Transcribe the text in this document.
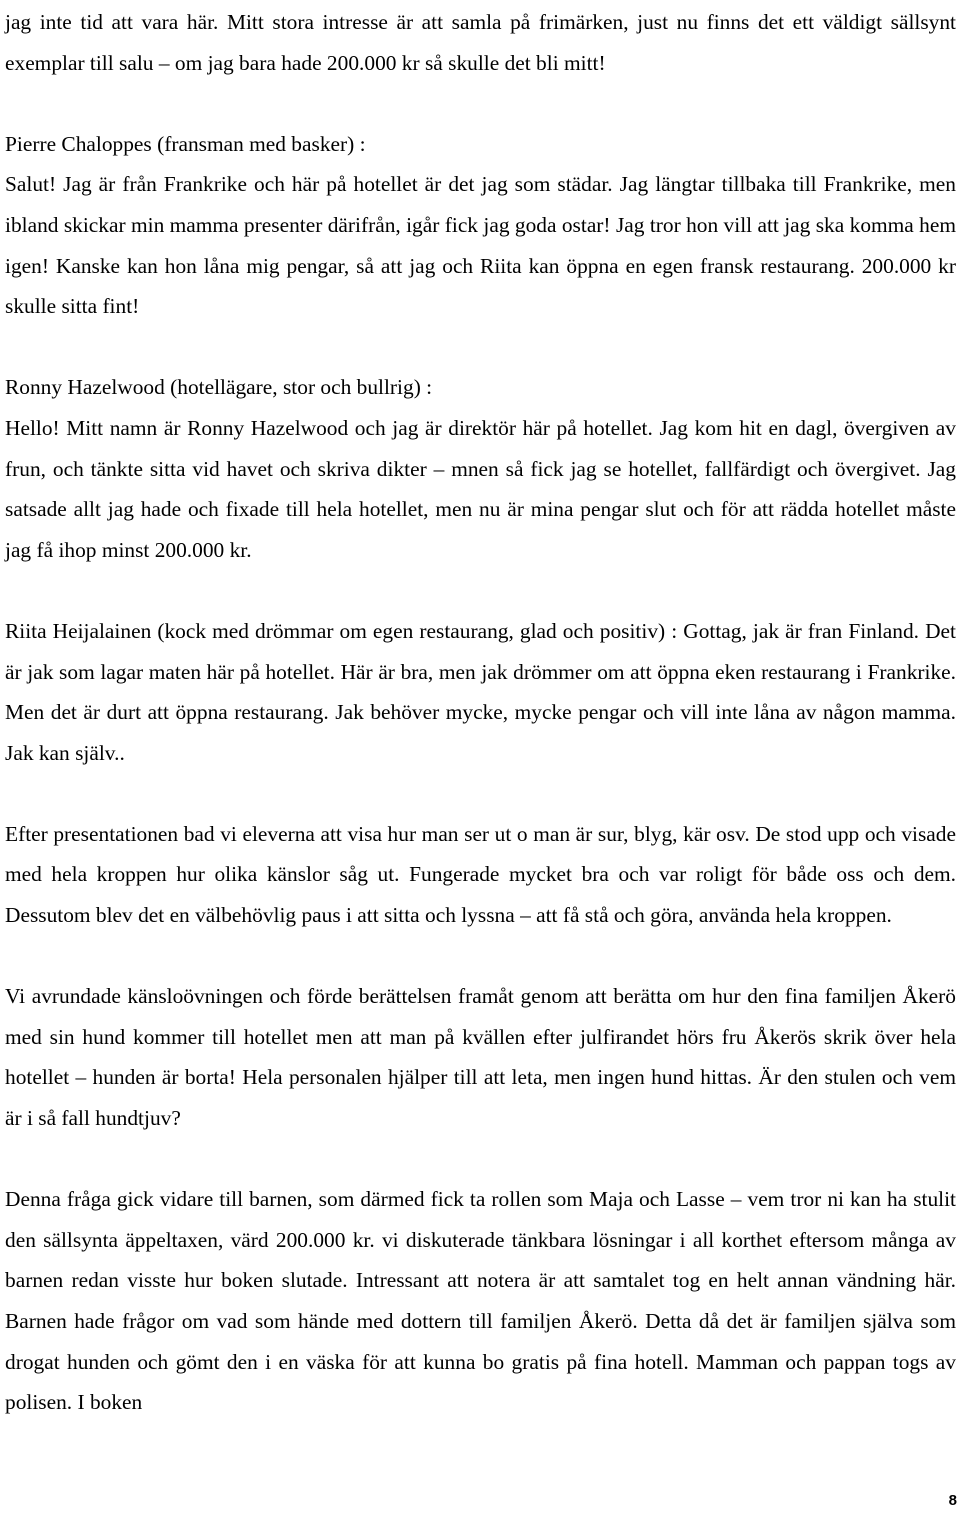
jag inte tid att vara här. Mitt stora intresse är att samla på frimärken, just nu finns det ett väldigt sällsynt exemplar till salu – om jag bara hade 200.000 kr så skulle det bli mitt!

Pierre Chaloppes (fransman med basker) :
Salut! Jag är från Frankrike och här på hotellet är det jag som städar. Jag längtar tillbaka till Frankrike, men ibland skickar min mamma presenter därifrån, igår fick jag goda ostar! Jag tror hon vill att jag ska komma hem igen! Kanske kan hon låna mig pengar, så att jag och Riita kan öppna en egen fransk restaurang. 200.000 kr skulle sitta fint!

Ronny Hazelwood (hotellägare, stor och bullrig) :
Hello! Mitt namn är Ronny Hazelwood och jag är direktör här på hotellet. Jag kom hit en dagl, övergiven av frun, och tänkte sitta vid havet och skriva dikter – mnen så fick jag se hotellet, fallfärdigt och övergivet. Jag satsade allt jag hade och fixade till hela hotellet, men nu är mina pengar slut och för att rädda hotellet måste jag få ihop minst 200.000 kr.

Riita Heijalainen (kock med drömmar om egen restaurang, glad och positiv) : Gottag, jak är fran Finland. Det är jak som lagar maten här på hotellet. Här är bra, men jak drömmer om att öppna eken restaurang i Frankrike. Men det är durt att öppna restaurang. Jak behöver mycke, mycke pengar och vill inte låna av någon mamma. Jak kan själv..

Efter presentationen bad vi eleverna att visa hur man ser ut o man är sur, blyg, kär osv. De stod upp och visade med hela kroppen hur olika känslor såg ut. Fungerade mycket bra och var roligt för både oss och dem. Dessutom blev det en välbehövlig paus i att sitta och lyssna – att få stå och göra, använda hela kroppen.

Vi avrundade känsloövningen och förde berättelsen framåt genom att berätta om hur den fina familjen Åkerö med sin hund kommer till hotellet men att man på kvällen efter julfirandet hörs fru Åkerös skrik över hela hotellet – hunden är borta! Hela personalen hjälper till att leta, men ingen hund hittas. Är den stulen och vem är i så fall hundtjuv?

Denna fråga gick vidare till barnen, som därmed fick ta rollen som Maja och Lasse – vem tror ni kan ha stulit den sällsynta äppeltaxen, värd 200.000 kr. vi diskuterade tänkbara lösningar i all korthet eftersom många av barnen redan visste hur boken slutade. Intressant att notera är att samtalet tog en helt annan vändning här. Barnen hade frågor om vad som hände med dottern till familjen Åkerö. Detta då det är familjen själva som drogat hunden och gömt den i en väska för att kunna bo gratis på fina hotell. Mamman och pappan togs av polisen. I boken

8
